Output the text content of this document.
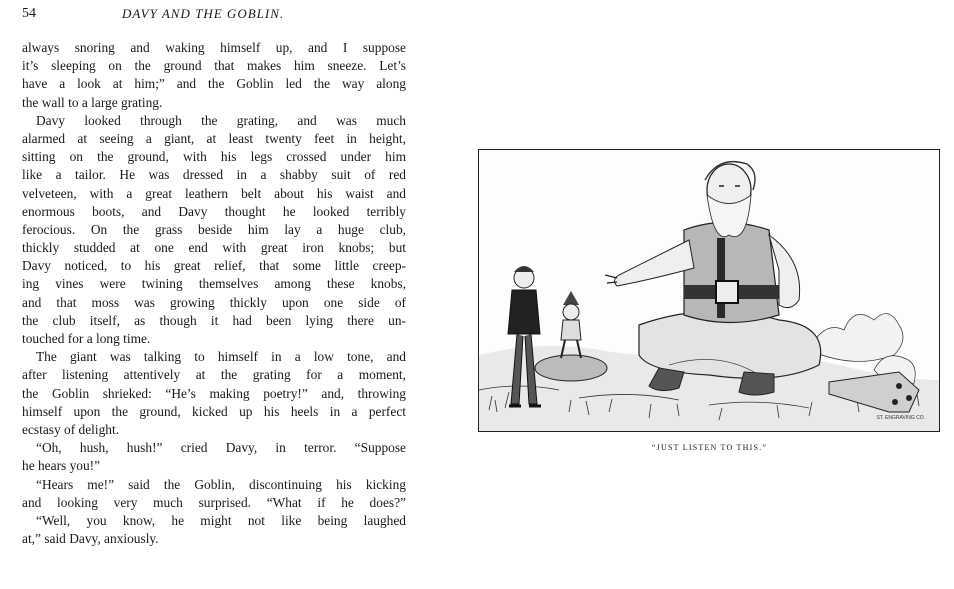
54	DAVY AND THE GOBLIN.
always snoring and waking himself up, and I suppose
it’s sleeping on the ground that makes him sneeze. Let’s
have a look at him;” and the Goblin led the way along
the wall to a large grating.
Davy looked through the grating, and was much
alarmed at seeing a giant, at least twenty feet in height,
sitting on the ground, with his legs crossed under him
like a tailor. He was dressed in a shabby suit of red
velveteen, with a great leathern belt about his waist and
enormous boots, and Davy thought he looked terribly
ferocious. On the grass beside him lay a huge club,
thickly studded at one end with great iron knobs; but
Davy noticed, to his great relief, that some little creep-
ing vines were twining themselves among these knobs,
and that moss was growing thickly upon one side of
the club itself, as though it had been lying there un-
touched for a long time.
The giant was talking to himself in a low tone, and
after listening attentively at the grating for a moment,
the Goblin shrieked: “He’s making poetry!” and, throwing
himself upon the ground, kicked up his heels in a perfect
ecstasy of delight.
“Oh, hush, hush!” cried Davy, in terror. “Suppose
he hears you!”
“Hears me!” said the Goblin, discontinuing his kicking
and looking very much surprised. “What if he does?”
“Well, you know, he might not like being laughed
at,” said Davy, anxiously.
ST. ENGRAVING CO.
“JUST LISTEN TO THIS.”
